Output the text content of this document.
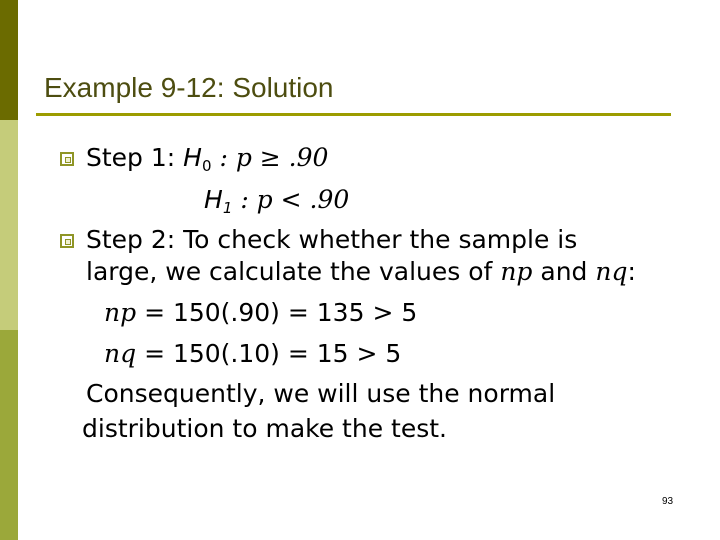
Example 9-12: Solution
Step 1: $H_0$ : p ≥ .90
$H_1$ : p < .90
Step 2: To check whether the sample is
large, we calculate the values of np and nq:
np = 150(.90) = 135 > 5
nq = 150(.10) = 15 > 5
Consequently, we will use the normal
distribution to make the test.
93
